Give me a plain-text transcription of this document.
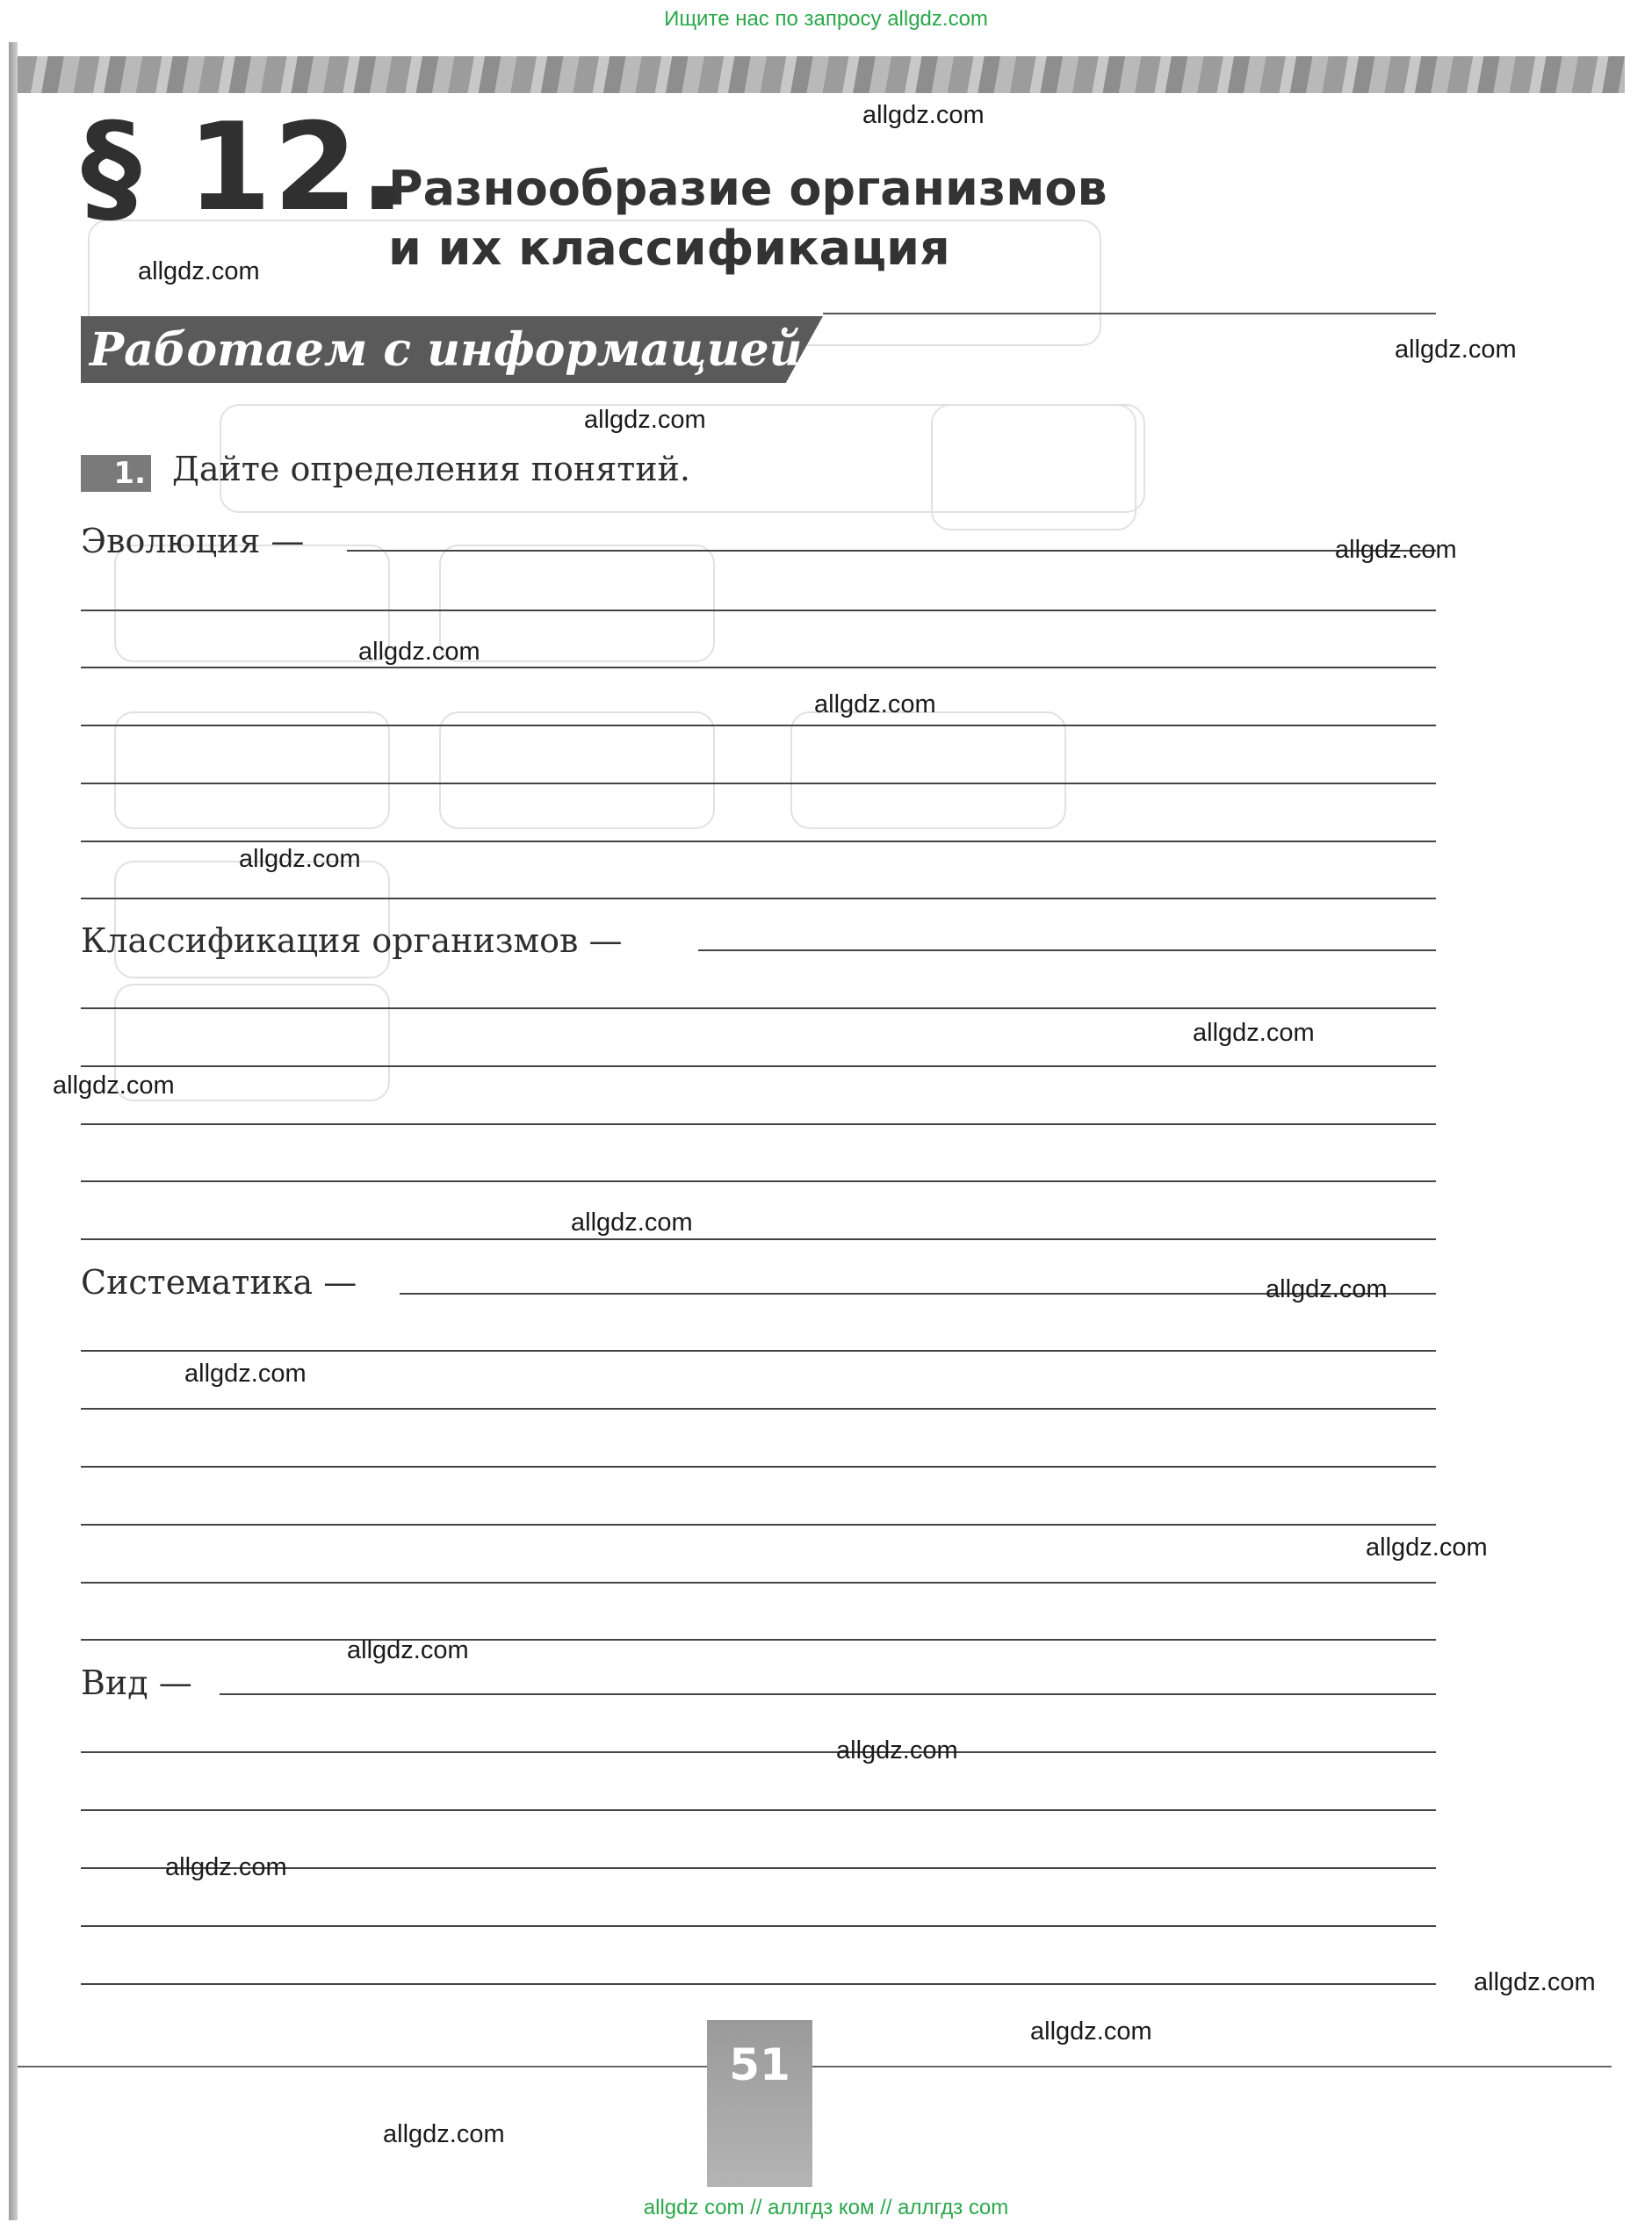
Ищите нас по запросу allgdz.com
§ 12.
Разнообразие организмов
и их классификация
Работаем с информацией
1. Дайте определения понятий.
Эволюция —
Классификация организмов —
Систематика —
Вид —
51
allgdz.com
allgdz.com
allgdz.com
allgdz.com
allgdz.com
allgdz.com
allgdz.com
allgdz.com
allgdz.com
allgdz.com
allgdz.com
allgdz.com
allgdz.com
allgdz.com
allgdz.com
allgdz.com
allgdz.com
allgdz.com
allgdz.com
allgdz.com
allgdz com // аллгдз ком // аллгдз com
